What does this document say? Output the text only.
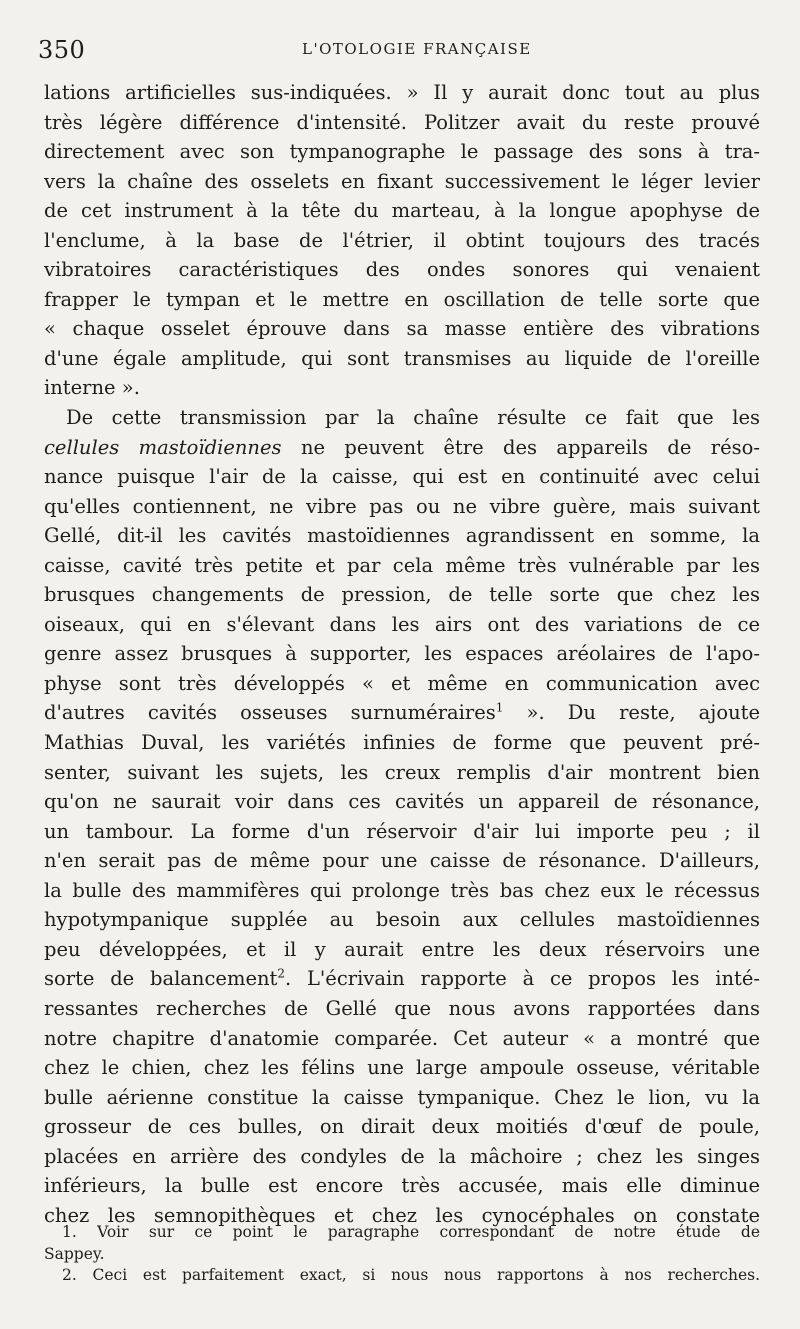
350	L'OTOLOGIE FRANÇAISE
lations artificielles sus-indiquées. » Il y aurait donc tout au plus
très légère différence d'intensité. Politzer avait du reste prouvé
directement avec son tympanographe le passage des sons à tra-
vers la chaîne des osselets en fixant successivement le léger levier
de cet instrument à la tête du marteau, à la longue apophyse de
l'enclume, à la base de l'étrier, il obtint toujours des tracés
vibratoires caractéristiques des ondes sonores qui venaient
frapper le tympan et le mettre en oscillation de telle sorte que
« chaque osselet éprouve dans sa masse entière des vibrations
d'une égale amplitude, qui sont transmises au liquide de l'oreille
interne ».
De cette transmission par la chaîne résulte ce fait que les
cellules mastoïdiennes ne peuvent être des appareils de réso-
nance puisque l'air de la caisse, qui est en continuité avec celui
qu'elles contiennent, ne vibre pas ou ne vibre guère, mais suivant
Gellé, dit-il les cavités mastoïdiennes agrandissent en somme, la
caisse, cavité très petite et par cela même très vulnérable par les
brusques changements de pression, de telle sorte que chez les
oiseaux, qui en s'élevant dans les airs ont des variations de ce
genre assez brusques à supporter, les espaces aréolaires de l'apo-
physe sont très développés « et même en communication avec
d'autres cavités osseuses surnuméraires$^1$ ». Du reste, ajoute
Mathias Duval, les variétés infinies de forme que peuvent pré-
senter, suivant les sujets, les creux remplis d'air montrent bien
qu'on ne saurait voir dans ces cavités un appareil de résonance,
un tambour. La forme d'un réservoir d'air lui importe peu ; il
n'en serait pas de même pour une caisse de résonance. D'ailleurs,
la bulle des mammifères qui prolonge très bas chez eux le récessus
hypotympanique supplée au besoin aux cellules mastoïdiennes
peu développées, et il y aurait entre les deux réservoirs une
sorte de balancement$^2$. L'écrivain rapporte à ce propos les inté-
ressantes recherches de Gellé que nous avons rapportées dans
notre chapitre d'anatomie comparée. Cet auteur « a montré que
chez le chien, chez les félins une large ampoule osseuse, véritable
bulle aérienne constitue la caisse tympanique. Chez le lion, vu la
grosseur de ces bulles, on dirait deux moitiés d'œuf de poule,
placées en arrière des condyles de la mâchoire ; chez les singes
inférieurs, la bulle est encore très accusée, mais elle diminue
chez les semnopithèques et chez les cynocéphales on constate
1. Voir sur ce point le paragraphe correspondant de notre étude de
Sappey.
2. Ceci est parfaitement exact, si nous nous rapportons à nos recherches.
